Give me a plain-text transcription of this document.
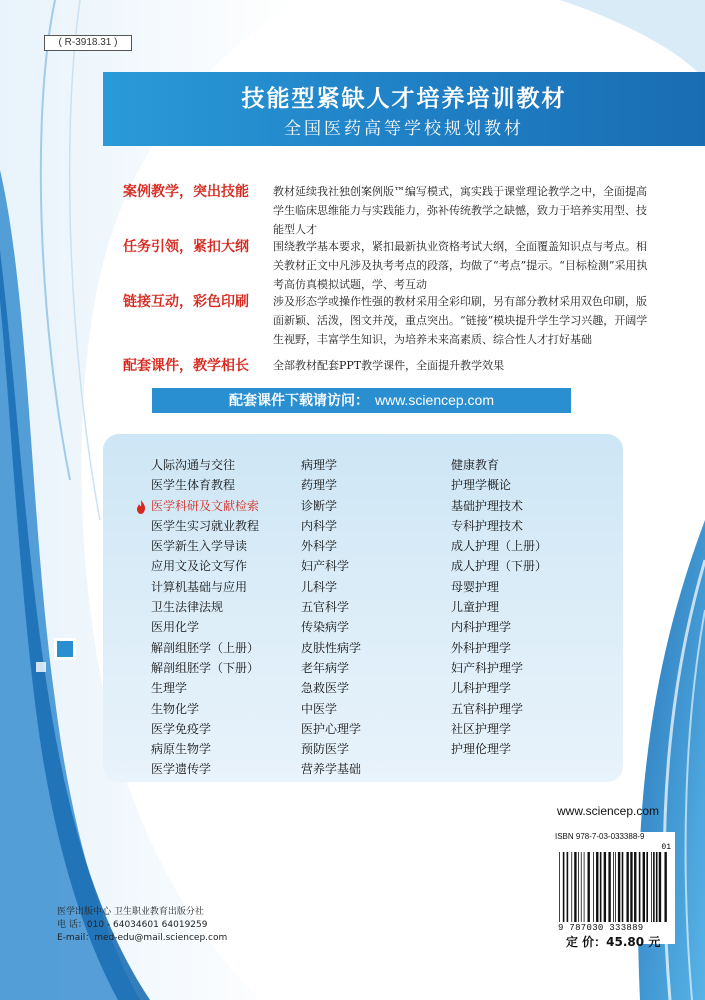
( R-3918.31 )
技能型紧缺人才培养培训教材
全国医药高等学校规划教材
案例教学，突出技能 教材延续我社独创案例版™编写模式，寓实践于课堂理论教学之中，全面提高学生临床思维能力与实践能力，弥补传统教学之缺憾，致力于培养实用型、技能型人才
任务引领，紧扣大纲 围绕教学基本要求，紧扣最新执业资格考试大纲，全面覆盖知识点与考点。相关教材正文中凡涉及执考考点的段落，均做了“考点”提示。“目标检测”采用执考高仿真模拟试题，学、考互动
链接互动，彩色印刷 涉及形态学或操作性强的教材采用全彩印刷，另有部分教材采用双色印刷，版面新颖、活泼，图文并茂，重点突出。“链接”模块提升学生学习兴趣，开阔学生视野，丰富学生知识，为培养未来高素质、综合性人才打好基础
配套课件，教学相长 全部教材配套PPT教学课件，全面提升教学效果
配套课件下载请访问： www.sciencep.com
人际沟通与交往
医学生体育教程
医学科研及文献检索
医学生实习就业教程
医学新生入学导读
应用文及论文写作
计算机基础与应用
卫生法律法规
医用化学
解剖组胚学（上册）
解剖组胚学（下册）
生理学
生物化学
医学免疫学
病原生物学
医学遗传学
病理学
药理学
诊断学
内科学
外科学
妇产科学
儿科学
五官科学
传染病学
皮肤性病学
老年病学
急救医学
中医学
医护心理学
预防医学
营养学基础
健康教育
护理学概论
基础护理技术
专科护理技术
成人护理（上册）
成人护理（下册）
母婴护理
儿童护理
内科护理学
外科护理学
妇产科护理学
儿科护理学
五官科护理学
社区护理学
护理伦理学
www.sciencep.com
ISBN 978-7-03-033388-9
01
9 787030 333889
定 价：45.80 元
医学出版中心 卫生职业教育出版分社
电 话：010 - 64034601 64019259
E-mail：med-edu@mail.sciencep.com
